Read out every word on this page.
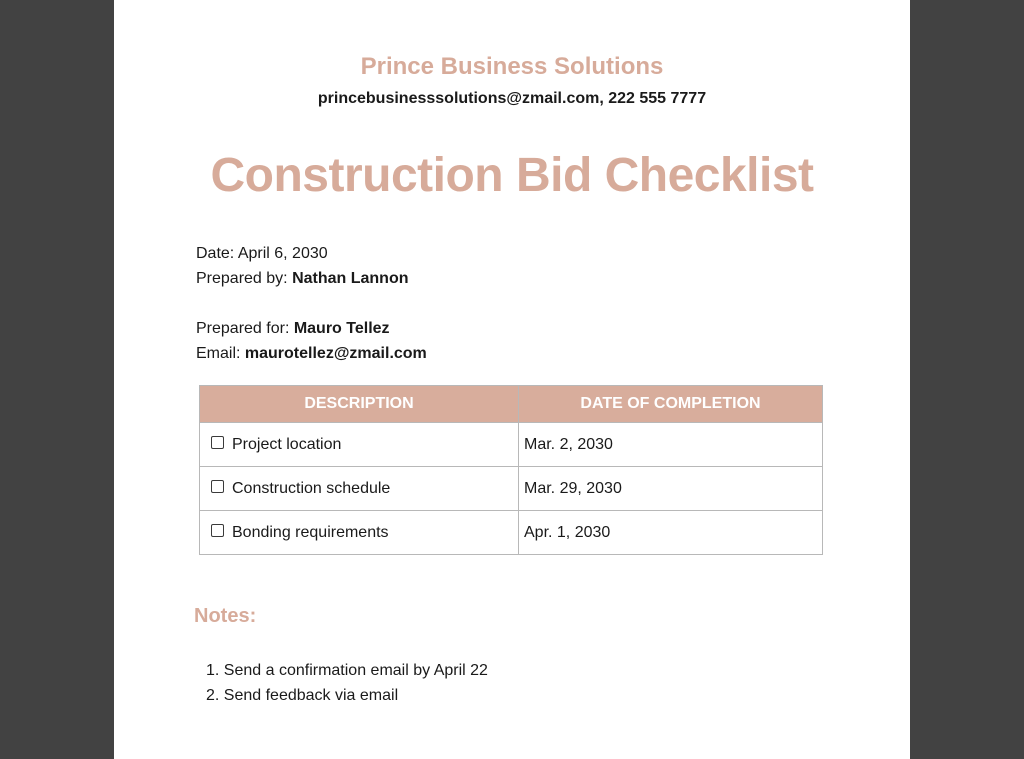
Prince Business Solutions
princebusinesssolutions@zmail.com, 222 555 7777
Construction Bid Checklist
Date: April 6, 2030
Prepared by: Nathan Lannon
Prepared for: Mauro Tellez
Email: maurotellez@zmail.com
DESCRIPTION	DATE OF COMPLETION
Project location	Mar. 2, 2030
Construction schedule	Mar. 29, 2030
Bonding requirements	Apr. 1, 2030
Notes:
1. Send a confirmation email by April 22
2. Send feedback via email
